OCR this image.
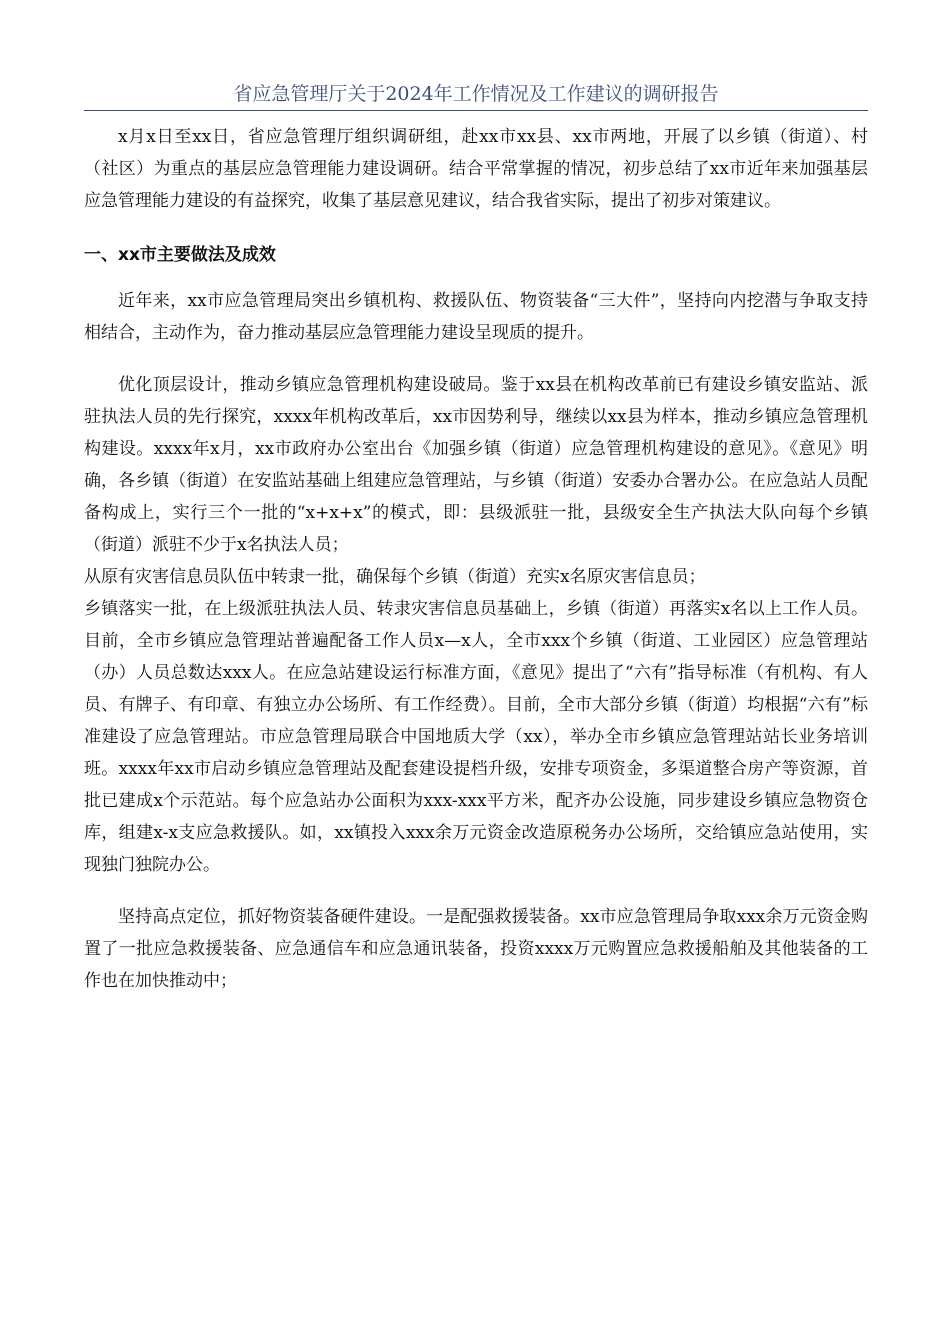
省应急管理厅关于2024年工作情况及工作建议的调研报告

x月x日至xx日，省应急管理厅组织调研组，赴xx市xx县、xx市两地，开展了以乡镇（街道）、村（社区）为重点的基层应急管理能力建设调研。结合平常掌握的情况，初步总结了xx市近年来加强基层应急管理能力建设的有益探究，收集了基层意见建议，结合我省实际，提出了初步对策建议。

一、xx市主要做法及成效

近年来，xx市应急管理局突出乡镇机构、救援队伍、物资装备“三大件”，坚持向内挖潜与争取支持相结合，主动作为，奋力推动基层应急管理能力建设呈现质的提升。

优化顶层设计，推动乡镇应急管理机构建设破局。鉴于xx县在机构改革前已有建设乡镇安监站、派驻执法人员的先行探究，xxxx年机构改革后，xx市因势利导，继续以xx县为样本，推动乡镇应急管理机构建设。xxxx年x月，xx市政府办公室出台《加强乡镇（街道）应急管理机构建设的意见》。《意见》明确，各乡镇（街道）在安监站基础上组建应急管理站，与乡镇（街道）安委办合署办公。在应急站人员配备构成上，实行三个一批的“x+x+x”的模式，即：县级派驻一批，县级安全生产执法大队向每个乡镇（街道）派驻不少于x名执法人员；

从原有灾害信息员队伍中转隶一批，确保每个乡镇（街道）充实x名原灾害信息员；

乡镇落实一批，在上级派驻执法人员、转隶灾害信息员基础上，乡镇（街道）再落实x名以上工作人员。目前，全市乡镇应急管理站普遍配备工作人员x—x人，全市xxx个乡镇（街道、工业园区）应急管理站（办）人员总数达xxx人。在应急站建设运行标准方面，《意见》提出了“六有”指导标准（有机构、有人员、有牌子、有印章、有独立办公场所、有工作经费）。目前，全市大部分乡镇（街道）均根据“六有”标准建设了应急管理站。市应急管理局联合中国地质大学（xx），举办全市乡镇应急管理站站长业务培训班。xxxx年xx市启动乡镇应急管理站及配套建设提档升级，安排专项资金，多渠道整合房产等资源，首批已建成x个示范站。每个应急站办公面积为xxx-xxx平方米，配齐办公设施，同步建设乡镇应急物资仓库，组建x-x支应急救援队。如，xx镇投入xxx余万元资金改造原税务办公场所，交给镇应急站使用，实现独门独院办公。

坚持高点定位，抓好物资装备硬件建设。一是配强救援装备。xx市应急管理局争取xxx余万元资金购置了一批应急救援装备、应急通信车和应急通讯装备，投资xxxx万元购置应急救援船舶及其他装备的工作也在加快推动中；
